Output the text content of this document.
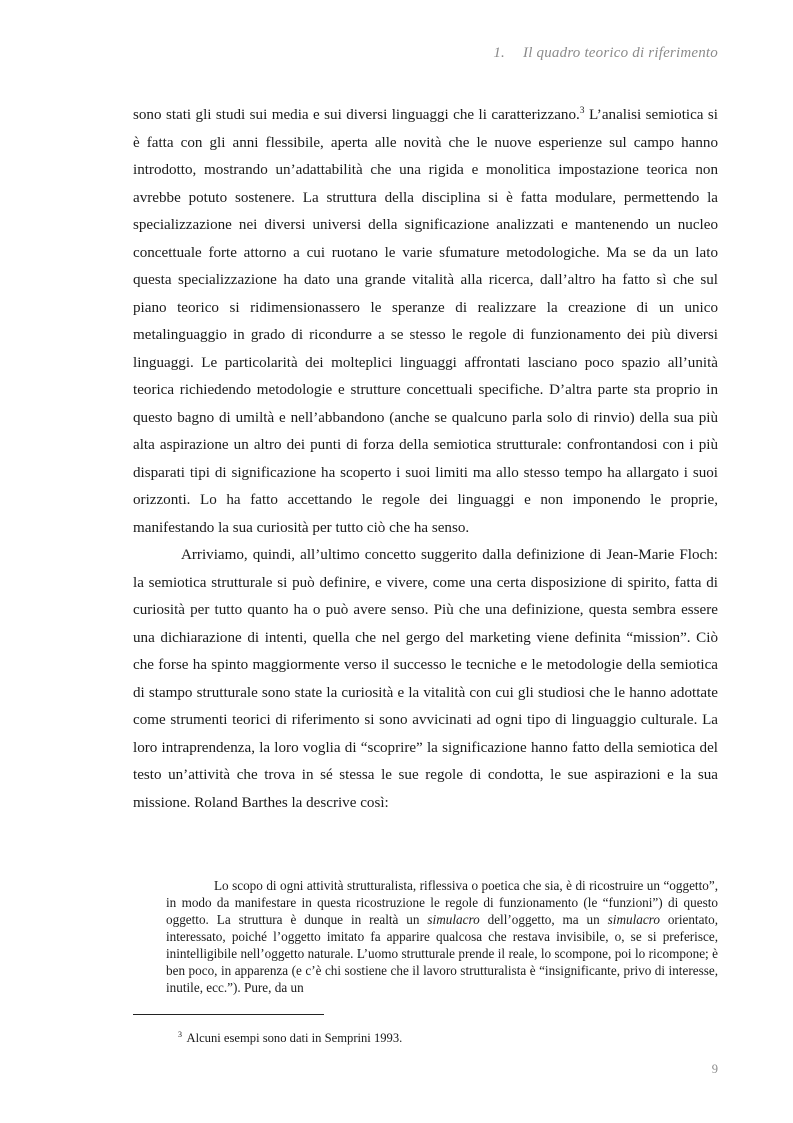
1. Il quadro teorico di riferimento

sono stati gli studi sui media e sui diversi linguaggi che li caratterizzano.$^3$ L’analisi semiotica si è fatta con gli anni flessibile, aperta alle novità che le nuove esperienze sul campo hanno introdotto, mostrando un’adattabilità che una rigida e monolitica impostazione teorica non avrebbe potuto sostenere. La struttura della disciplina si è fatta modulare, permettendo la specializzazione nei diversi universi della significazione analizzati e mantenendo un nucleo concettuale forte attorno a cui ruotano le varie sfumature metodologiche. Ma se da un lato questa specializzazione ha dato una grande vitalità alla ricerca, dall’altro ha fatto sì che sul piano teorico si ridimensionassero le speranze di realizzare la creazione di un unico metalinguaggio in grado di ricondurre a se stesso le regole di funzionamento dei più diversi linguaggi. Le particolarità dei molteplici linguaggi affrontati lasciano poco spazio all’unità teorica richiedendo metodologie e strutture concettuali specifiche. D’altra parte sta proprio in questo bagno di umiltà e nell’abbandono (anche se qualcuno parla solo di rinvio) della sua più alta aspirazione un altro dei punti di forza della semiotica strutturale: confrontandosi con i più disparati tipi di significazione ha scoperto i suoi limiti ma allo stesso tempo ha allargato i suoi orizzonti. Lo ha fatto accettando le regole dei linguaggi e non imponendo le proprie, manifestando la sua curiosità per tutto ciò che ha senso.

Arriviamo, quindi, all’ultimo concetto suggerito dalla definizione di Jean-Marie Floch: la semiotica strutturale si può definire, e vivere, come una certa disposizione di spirito, fatta di curiosità per tutto quanto ha o può avere senso. Più che una definizione, questa sembra essere una dichiarazione di intenti, quella che nel gergo del marketing viene definita “mission”. Ciò che forse ha spinto maggiormente verso il successo le tecniche e le metodologie della semiotica di stampo strutturale sono state la curiosità e la vitalità con cui gli studiosi che le hanno adottate come strumenti teorici di riferimento si sono avvicinati ad ogni tipo di linguaggio culturale. La loro intraprendenza, la loro voglia di “scoprire” la significazione hanno fatto della semiotica del testo un’attività che trova in sé stessa le sue regole di condotta, le sue aspirazioni e la sua missione. Roland Barthes la descrive così:

Lo scopo di ogni attività strutturalista, riflessiva o poetica che sia, è di ricostruire un “oggetto”, in modo da manifestare in questa ricostruzione le regole di funzionamento (le “funzioni”) di questo oggetto. La struttura è dunque in realtà un simulacro dell’oggetto, ma un simulacro orientato, interessato, poiché l’oggetto imitato fa apparire qualcosa che restava invisibile, o, se si preferisce, inintelligibile nell’oggetto naturale. L’uomo strutturale prende il reale, lo scompone, poi lo ricompone; è ben poco, in apparenza (e c’è chi sostiene che il lavoro strutturalista è “insignificante, privo di interesse, inutile, ecc.”). Pure, da un

$^3$ Alcuni esempi sono dati in Semprini 1993.

9
